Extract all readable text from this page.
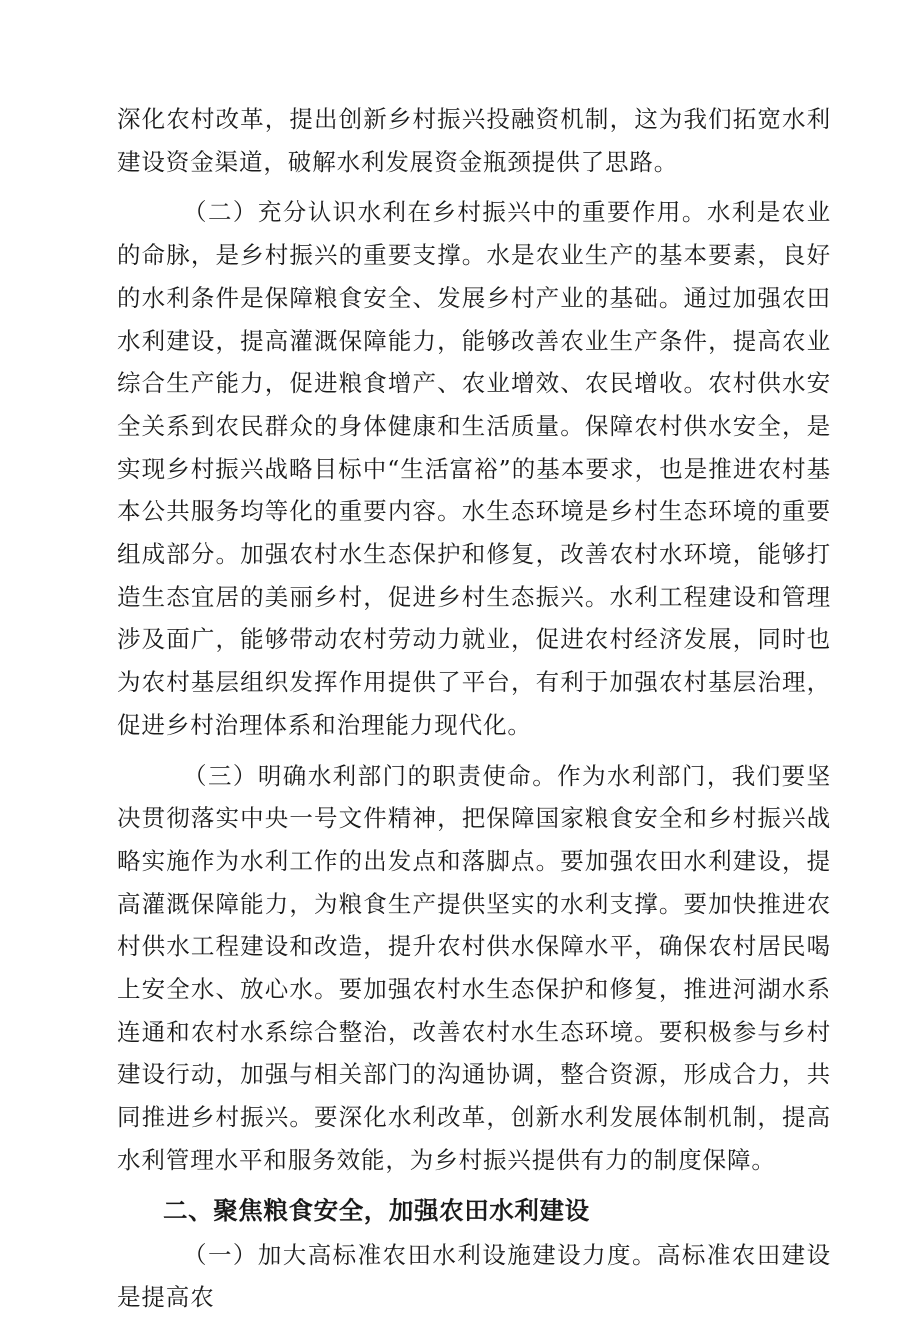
深化农村改革，提出创新乡村振兴投融资机制，这为我们拓宽水利建设资金渠道，破解水利发展资金瓶颈提供了思路。

（二）充分认识水利在乡村振兴中的重要作用。水利是农业的命脉，是乡村振兴的重要支撑。水是农业生产的基本要素，良好的水利条件是保障粮食安全、发展乡村产业的基础。通过加强农田水利建设，提高灌溉保障能力，能够改善农业生产条件，提高农业综合生产能力，促进粮食增产、农业增效、农民增收。农村供水安全关系到农民群众的身体健康和生活质量。保障农村供水安全，是实现乡村振兴战略目标中“生活富裕”的基本要求，也是推进农村基本公共服务均等化的重要内容。水生态环境是乡村生态环境的重要组成部分。加强农村水生态保护和修复，改善农村水环境，能够打造生态宜居的美丽乡村，促进乡村生态振兴。水利工程建设和管理涉及面广，能够带动农村劳动力就业，促进农村经济发展，同时也为农村基层组织发挥作用提供了平台，有利于加强农村基层治理，促进乡村治理体系和治理能力现代化。

（三）明确水利部门的职责使命。作为水利部门，我们要坚决贯彻落实中央一号文件精神，把保障国家粮食安全和乡村振兴战略实施作为水利工作的出发点和落脚点。要加强农田水利建设，提高灌溉保障能力，为粮食生产提供坚实的水利支撑。要加快推进农村供水工程建设和改造，提升农村供水保障水平，确保农村居民喝上安全水、放心水。要加强农村水生态保护和修复，推进河湖水系连通和农村水系综合整治，改善农村水生态环境。要积极参与乡村建设行动，加强与相关部门的沟通协调，整合资源，形成合力，共同推进乡村振兴。要深化水利改革，创新水利发展体制机制，提高水利管理水平和服务效能，为乡村振兴提供有力的制度保障。

二、聚焦粮食安全，加强农田水利建设

（一）加大高标准农田水利设施建设力度。高标准农田建设是提高农
